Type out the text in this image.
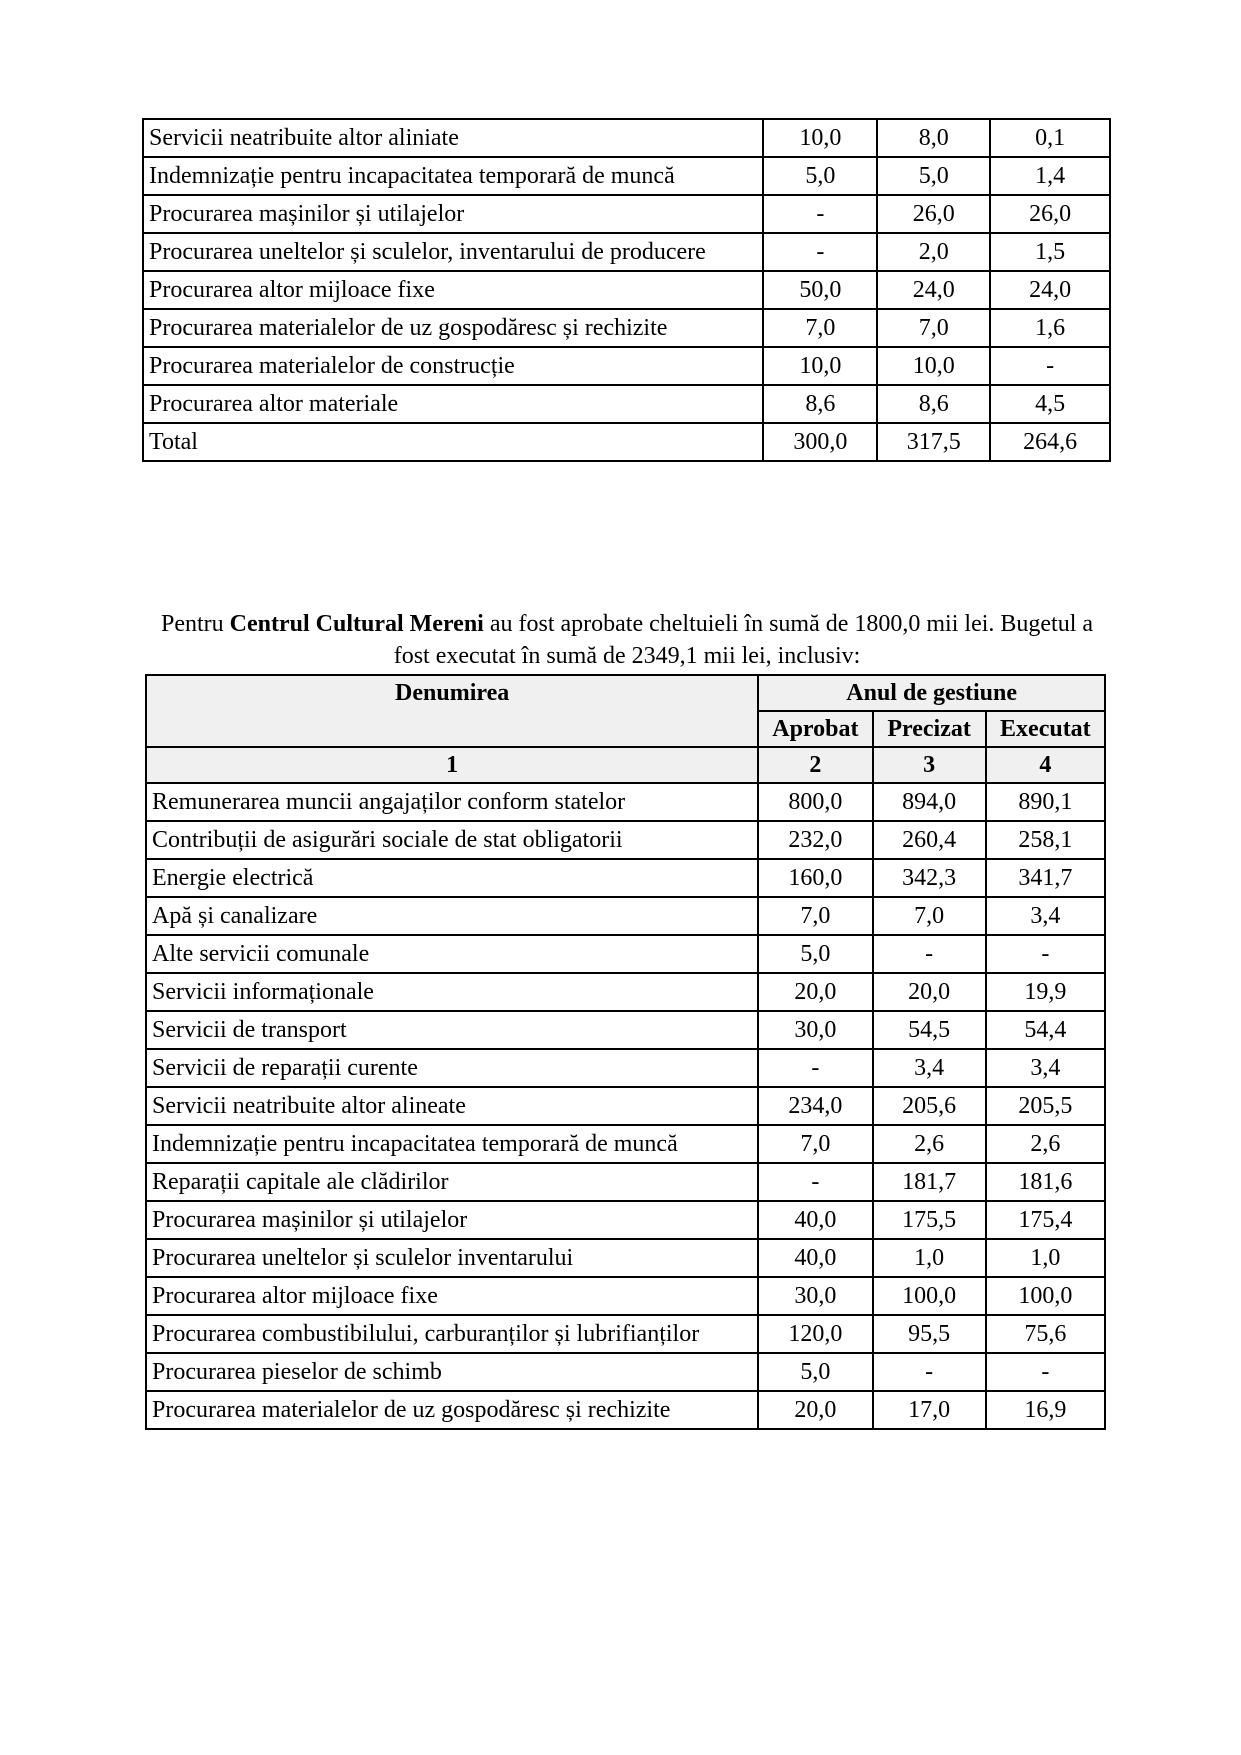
Servicii neatribuite altor aliniate	10,0	8,0	0,1
Indemnizație pentru incapacitatea temporară de muncă	5,0	5,0	1,4
Procurarea mașinilor și utilajelor	-	26,0	26,0
Procurarea uneltelor și sculelor, inventarului de producere	-	2,0	1,5
Procurarea altor mijloace fixe	50,0	24,0	24,0
Procurarea materialelor de uz gospodăresc și rechizite	7,0	7,0	1,6
Procurarea materialelor de construcție	10,0	10,0	-
Procurarea altor materiale	8,6	8,6	4,5
Total	300,0	317,5	264,6
Pentru Centrul Cultural Mereni au fost aprobate cheltuieli în sumă de 1800,0 mii lei. Bugetul a fost executat în sumă de 2349,1 mii lei, inclusiv:
Denumirea	Anul de gestiune		
	Aprobat	Precizat	Executat
1	2	3	4
Remunerarea muncii angajaților conform statelor	800,0	894,0	890,1
Contribuții de asigurări sociale de stat obligatorii	232,0	260,4	258,1
Energie electrică	160,0	342,3	341,7
Apă și canalizare	7,0	7,0	3,4
Alte servicii comunale	5,0	-	-
Servicii informaționale	20,0	20,0	19,9
Servicii de transport	30,0	54,5	54,4
Servicii de reparații curente	-	3,4	3,4
Servicii neatribuite altor alineate	234,0	205,6	205,5
Indemnizație pentru incapacitatea temporară de muncă	7,0	2,6	2,6
Reparații capitale ale clădirilor	-	181,7	181,6
Procurarea mașinilor și utilajelor	40,0	175,5	175,4
Procurarea uneltelor și sculelor inventarului	40,0	1,0	1,0
Procurarea altor mijloace fixe	30,0	100,0	100,0
Procurarea combustibilului, carburanților și lubrifianților	120,0	95,5	75,6
Procurarea pieselor de schimb	5,0	-	-
Procurarea materialelor de uz gospodăresc și rechizite	20,0	17,0	16,9
